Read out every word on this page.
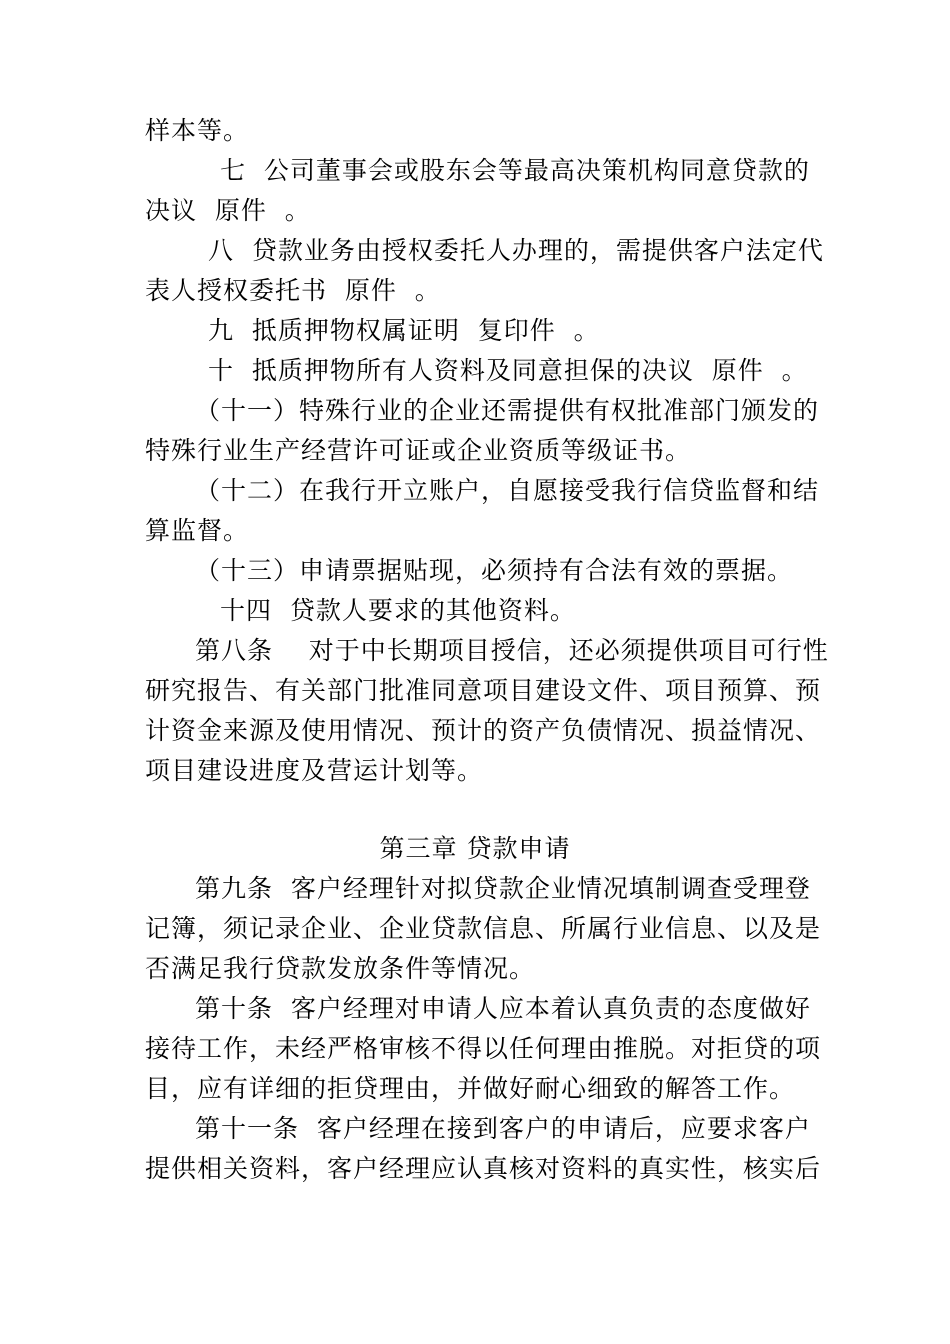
样本等。
七  公司董事会或股东会等最高决策机构同意贷款的
决议  原件  。
八  贷款业务由授权委托人办理的，需提供客户法定代
表人授权委托书  原件  。
九  抵质押物权属证明  复印件  。
十  抵质押物所有人资料及同意担保的决议  原件  。
（十一）特殊行业的企业还需提供有权批准部门颁发的
特殊行业生产经营许可证或企业资质等级证书。
（十二）在我行开立账户，自愿接受我行信贷监督和结
算监督。
（十三）申请票据贴现，必须持有合法有效的票据。
十四  贷款人要求的其他资料。
第八条    对于中长期项目授信，还必须提供项目可行性
研究报告、有关部门批准同意项目建设文件、项目预算、预
计资金来源及使用情况、预计的资产负债情况、损益情况、
项目建设进度及营运计划等。
第三章 贷款申请
第九条  客户经理针对拟贷款企业情况填制调查受理登
记簿，须记录企业、企业贷款信息、所属行业信息、以及是
否满足我行贷款发放条件等情况。
第十条  客户经理对申请人应本着认真负责的态度做好
接待工作，未经严格审核不得以任何理由推脱。对拒贷的项
目，应有详细的拒贷理由，并做好耐心细致的解答工作。
第十一条  客户经理在接到客户的申请后，应要求客户
提供相关资料，客户经理应认真核对资料的真实性，核实后
